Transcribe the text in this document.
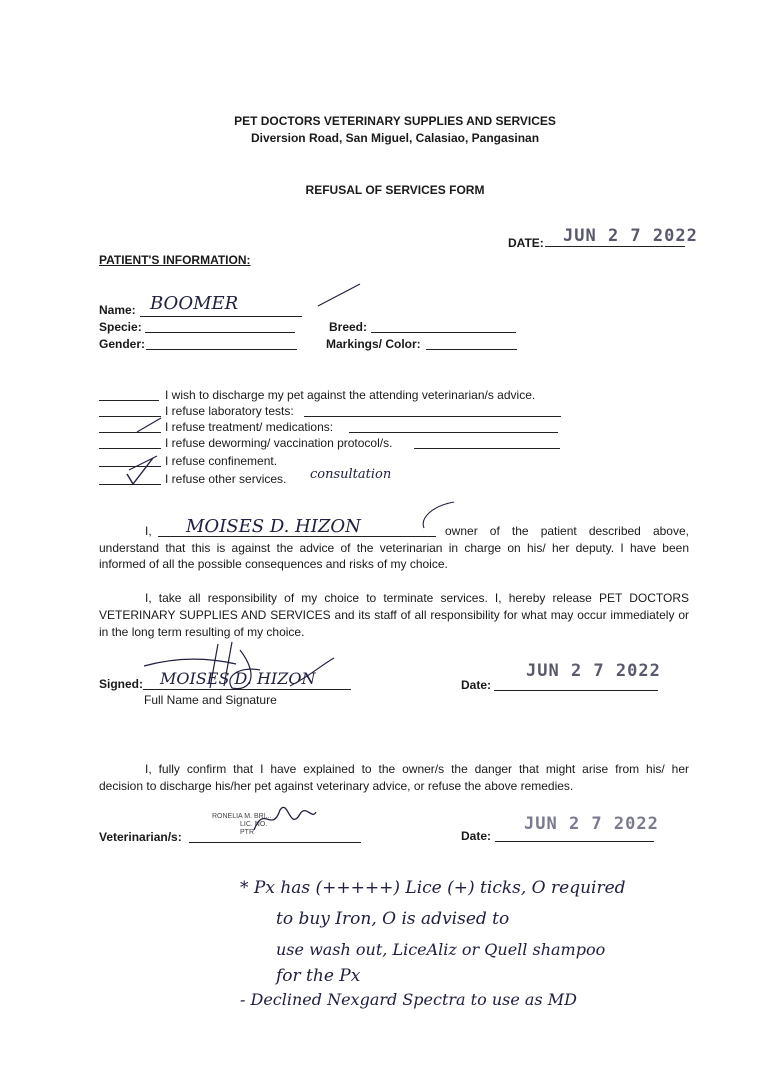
PET DOCTORS VETERINARY SUPPLIES AND SERVICES
Diversion Road, San Miguel, Calasiao, Pangasinan
REFUSAL OF SERVICES FORM
DATE: JUN 2 7 2022
PATIENT'S INFORMATION:
Name: BOOMER
Specie:
Gender:
Breed:
Markings/ Color:
I wish to discharge my pet against the attending veterinarian/s advice.
I refuse laboratory tests:
I refuse treatment/ medications:
I refuse deworming/ vaccination protocol/s.
I refuse confinement.
I refuse other services. consultation
I, MOISES D. HIZON	owner of the patient described above,
understand that this is against the advice of the veterinarian in charge on his/ her deputy. I have been
informed of all the possible consequences and risks of my choice.
I, take all responsibility of my choice to terminate services. I, hereby release PET DOCTORS
VETERINARY SUPPLIES AND SERVICES and its staff of all responsibility for what may occur immediately or
in the long term resulting of my choice.
Signed: MOISES D. HIZON
Full Name and Signature
Date:
JUN 2 7 2022
I, fully confirm that I have explained to the owner/s the danger that might arise from his/ her
decision to discharge his/her pet against veterinary advice, or refuse the above remedies.
Veterinarian/s:
RONELIA M. BRI...
LIC. NO.
PTR	Date:
JUN 2 7 2022
* Px has (+++++) Lice (+) ticks, O required
to buy Iron, O is advised to
use wash out, LiceAliz or Quell shampoo
for the Px
- Declined Nexgard Spectra to use as MD
